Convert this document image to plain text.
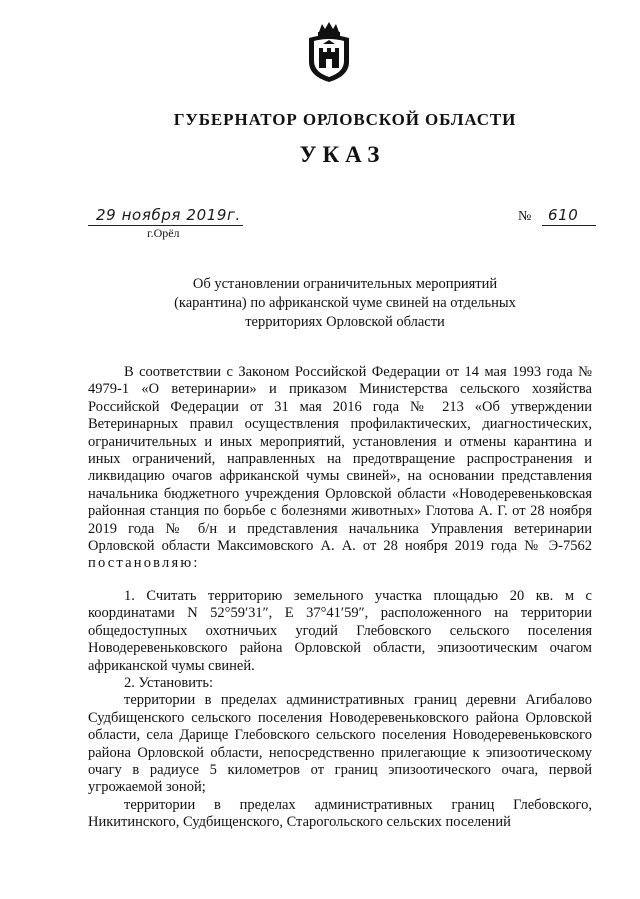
ГУБЕРНАТОР ОРЛОВСКОЙ ОБЛАСТИ
УКАЗ
29 ноября 2019г.
г.Орёл
№ 610
Об установлении ограничительных мероприятий
(карантина) по африканской чуме свиней на отдельных
территориях Орловской области

В соответствии с Законом Российской Федерации от 14 мая 1993 года № 4979-1 «О ветеринарии» и приказом Министерства сельского хозяйства Российской Федерации от 31 мая 2016 года № 213 «Об утверждении Ветеринарных правил осуществления профилактических, диагностических, ограничительных и иных мероприятий, установления и отмены карантина и иных ограничений, направленных на предотвращение распространения и ликвидацию очагов африканской чумы свиней», на основании представления начальника бюджетного учреждения Орловской области «Новодеревеньковская районная станция по борьбе с болезнями животных» Глотова А. Г. от 28 ноября 2019 года № б/н и представления начальника Управления ветеринарии Орловской области Максимовского А. А. от 28 ноября 2019 года № Э-7562 постановляю:

1. Считать территорию земельного участка площадью 20 кв. м с координатами N 52°59′31″, E 37°41′59″, расположенного на территории общедоступных охотничьих угодий Глебовского сельского поселения Новодеревеньковского района Орловской области, эпизоотическим очагом африканской чумы свиней.

2. Установить:

территории в пределах административных границ деревни Агибалово Судбищенского сельского поселения Новодеревеньковского района Орловской области, села Дарище Глебовского сельского поселения Новодеревеньковского района Орловской области, непосредственно прилегающие к эпизоотическому очагу в радиусе 5 километров от границ эпизоотического очага, первой угрожаемой зоной;

территории в пределах административных границ Глебовского, Никитинского, Судбищенского, Старогольского сельских поселений
